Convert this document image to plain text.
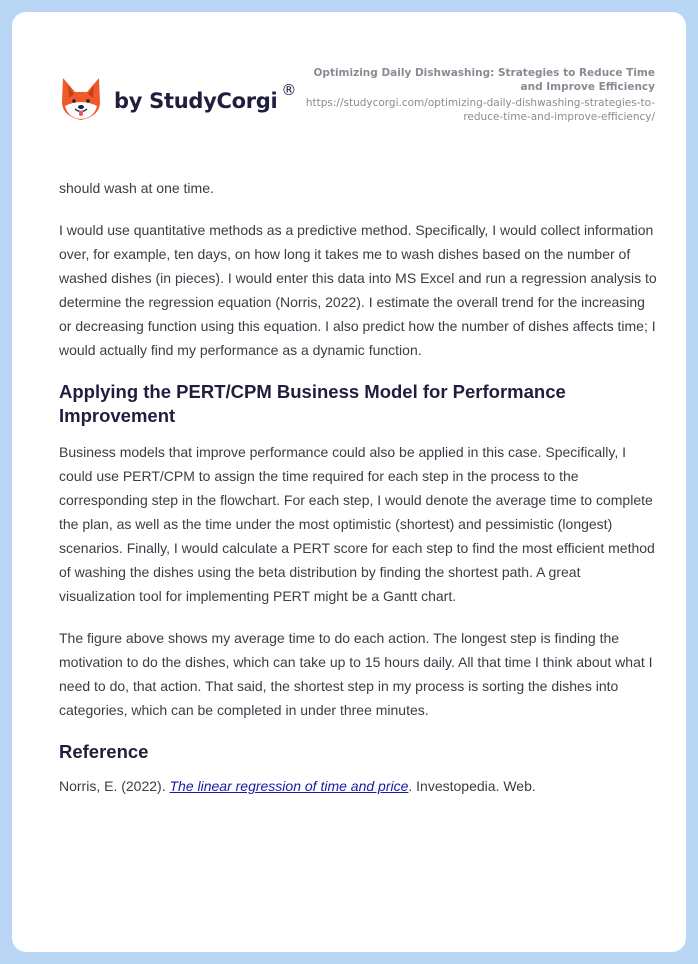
by StudyCorgi ®
Optimizing Daily Dishwashing: Strategies to Reduce Time and Improve Efficiency
https://studycorgi.com/optimizing-daily-dishwashing-strategies-to-reduce-time-and-improve-efficiency/

should wash at one time.

I would use quantitative methods as a predictive method. Specifically, I would collect information over, for example, ten days, on how long it takes me to wash dishes based on the number of washed dishes (in pieces). I would enter this data into MS Excel and run a regression analysis to determine the regression equation (Norris, 2022). I estimate the overall trend for the increasing or decreasing function using this equation. I also predict how the number of dishes affects time; I would actually find my performance as a dynamic function.

Applying the PERT/CPM Business Model for Performance Improvement

Business models that improve performance could also be applied in this case. Specifically, I could use PERT/CPM to assign the time required for each step in the process to the corresponding step in the flowchart. For each step, I would denote the average time to complete the plan, as well as the time under the most optimistic (shortest) and pessimistic (longest) scenarios. Finally, I would calculate a PERT score for each step to find the most efficient method of washing the dishes using the beta distribution by finding the shortest path. A great visualization tool for implementing PERT might be a Gantt chart.

The figure above shows my average time to do each action. The longest step is finding the motivation to do the dishes, which can take up to 15 hours daily. All that time I think about what I need to do, that action. That said, the shortest step in my process is sorting the dishes into categories, which can be completed in under three minutes.

Reference

Norris, E. (2022). The linear regression of time and price. Investopedia. Web.
